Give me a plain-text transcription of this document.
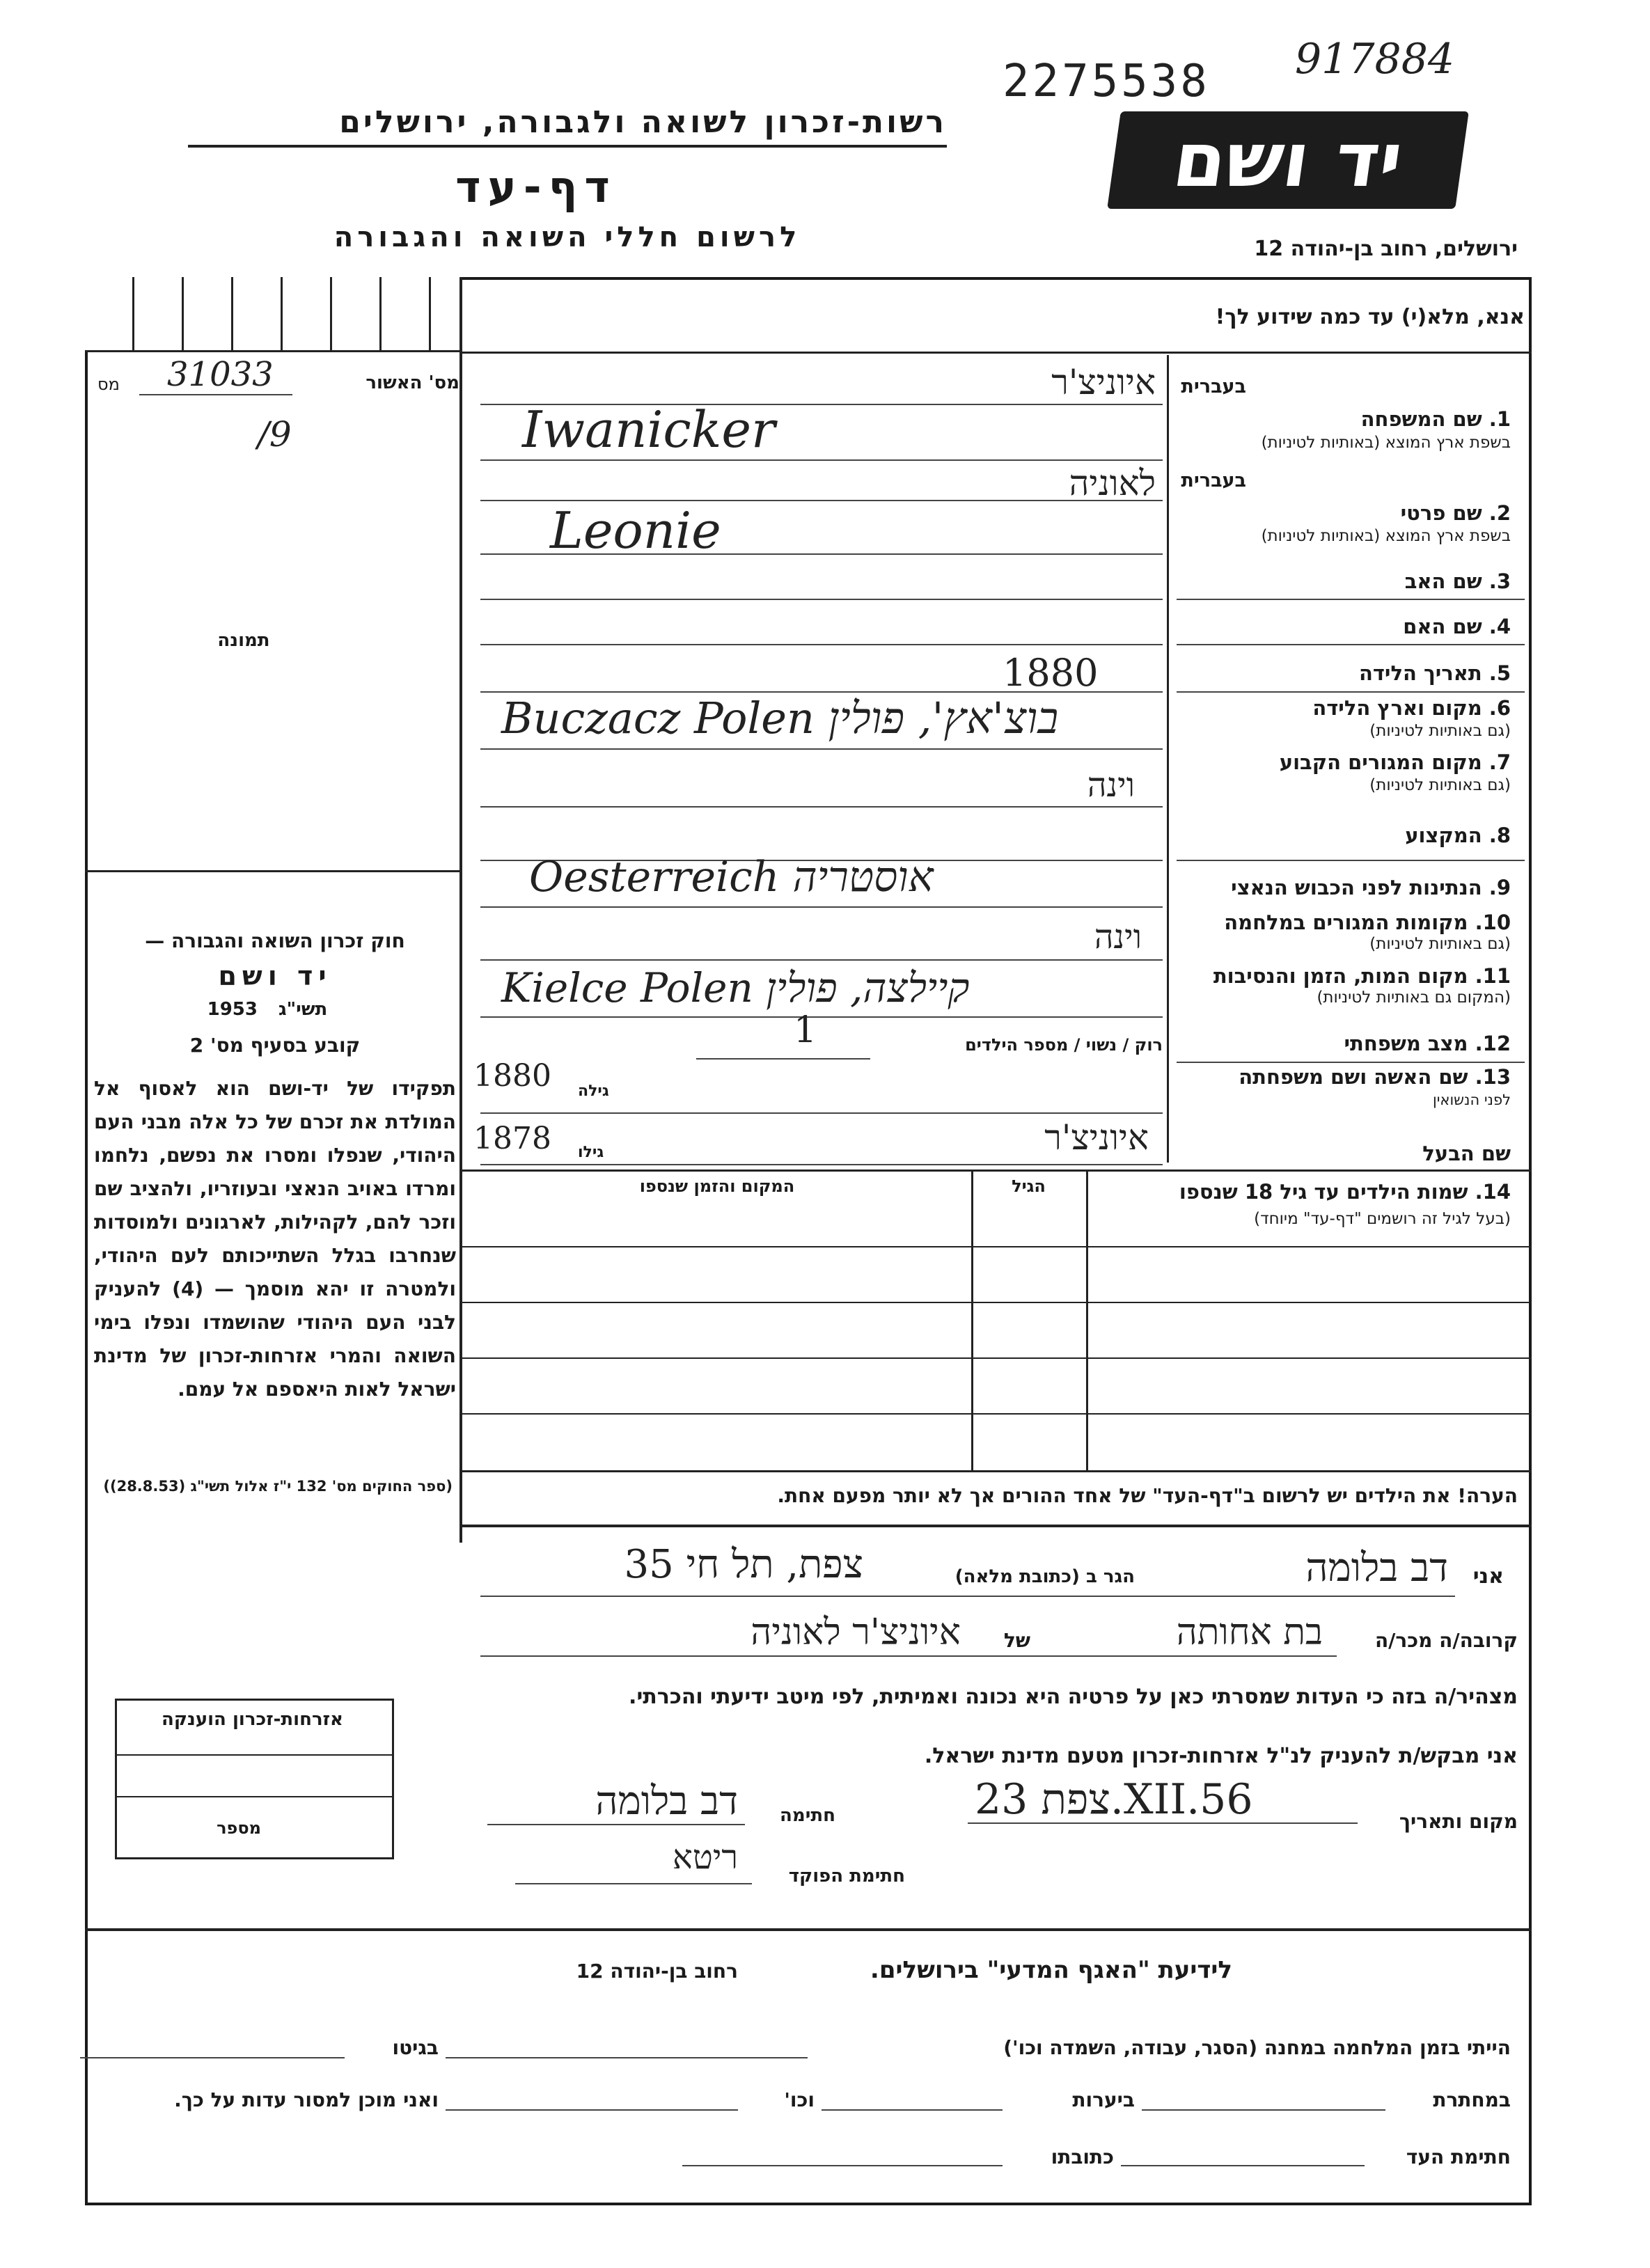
2275538 917884
רשות-זכרון לשואה ולגבורה, ירושלים
דף-עד
לרשום חללי השואה והגבורה
יד ושם
ירושלים, רחוב בן-יהודה 12
אנא, מלא(י) עד כמה שידוע לך!
מס' האשור
מס	31033
/9
תמונה
חוק זכרון השואה והגבורה —
יד ושם
תשי"ג
1953
קובע בסעיף מס' 2
תפקידו של יד-ושם הוא לאסוף אל המולדת את זכרם של כל אלה מבני העם היהודי, שנפלו ומסרו את נפשם, נלחמו ומרדו באויב הנאצי ובעוזריו, ולהציב שם וזכר להם, לקהילות, לארגונים ולמוסדות שנחרבו בגלל השתייכותם לעם היהודי, ולמטרה זו יהא מוסמך — (4) להעניק לבני העם היהודי שהושמדו ונפלו בימי השואה והמרי אזרחות-זכרון של מדינת ישראל לאות היאספם אל עמם.
(ספר החוקים מס' 132 י"ז אלול תשי"ג (28.8.53))
אזרחות-זכרון הוענקה
מספר
בעברית
איוניצ'ר
1. שם המשפחה
בשפת ארץ המוצא (באותיות לטיניות)
Iwanicker
בעברית
לאוניה
2. שם פרטי
בשפת ארץ המוצא (באותיות לטיניות)
Leonie
3. שם האב
4. שם האם
5. תאריך הלידה
1880
6. מקום וארץ הלידה
(גם באותיות לטיניות)
Buczacz Polen בוצ'אץ', פולין
7. מקום המגורים הקבוע
(גם באותיות לטיניות)
וינה
8. המקצוע
9. הנתינות לפני הכבוש הנאצי
Oesterreich אוסטריה
10. מקומות המגורים במלחמה
(גם באותיות לטיניות)
וינה
11. מקום המות, הזמן והנסיבות
(המקום גם באותיות לטיניות)
Kielce Polen קיילצה, פולין
12. מצב משפחתי
רוק / נשוי / מספר הילדים
1
13. שם האשה ושם משפחתה
לפני הנשואין
גילה
1880
שם הבעל
גילו
1878	איוניצ'ר
14. שמות הילדים עד גיל 18 שנספו
(בעל לגיל זה רושמים "דף-עד" מיוחד)
הגיל
המקום והזמן שנספו
הערה! את הילדים יש לרשום ב"דף-העד" של אחד ההורים אך לא יותר מפעם אחת.
אני
דב בלומה
הגר ב (כתובת מלאה)
צפת, תל חי 35
קרובה/ה מכר/ה
בת אחותה
של
איוניצ'ר לאוניה
מצהיר/ה בזה כי העדות שמסרתי כאן על פרטיה היא נכונה ואמיתית, לפי מיטב ידיעתי והכרתי.
אני מבקש/ת להעניק לנ"ל אזרחות-זכרון מטעם מדינת ישראל.
מקום ותאריך
צפת 23.XII.56
חתימה
דב בלומה
חתימת הפוקד
ריטא
לידיעת "האגף המדעי" בירושלים.
רחוב בן-יהודה 12
הייתי בזמן המלחמה במחנה (הסגר, עבודה, השמדה וכו')
בגיטו
במחתרת
ביערות
וכו'
ואני מוכן למסור עדות על כך.
חתימת העד
כתובתו
